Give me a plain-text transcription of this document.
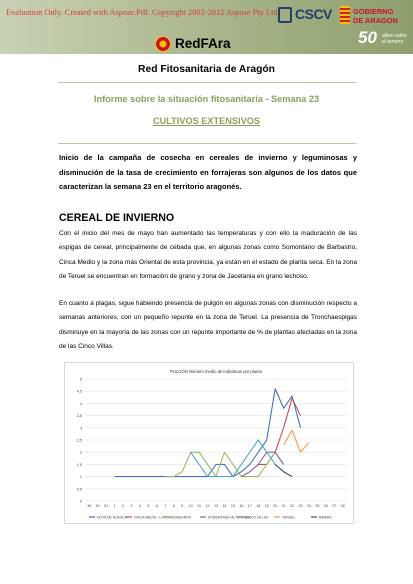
Evaluation Only. Created with Aspose.Pdf. Copyright 2002-2012 Aspose Pty Ltd. CSCV	GOBIERNO
DE ARAGON
50 años sobre el terreno
RedFAra
Red Fitosanitaria de Aragón
Informe sobre la situación fitosanitaria - Semana 23
CULTIVOS EXTENSIVOS
Inicio de la campaña de cosecha en cereales de invierno y leguminosas y disminución de la tasa de crecimiento en forrajeras son algunos de los datos que caracterizan la semana 23 en el territorio aragonés.
CEREAL DE INVIERNO
Con el inicio del mes de mayo han aumentado las temperaturas y con ello la maduración de las espigas de cereal, principalmente de cebada que, en algunas zonas como Somontano de Barbastro, Cinca Medio y la zona más Oriental de esta provincia, ya están en el estado de planta seca. En la zona de Teruel se encuentran en formación de grano y zona de Jacetania en grano lechoso.
En cuanto a plagas, sigue habiendo presencia de pulgón en algunas zonas con disminución respecto a semanas anteriores, con un pequeño repunte en la zona de Teruel. La presencia de Tronchaespigas disminuye en la mayoría de las zonas con un repunte importante de % de plantas afectadas en la zona de las Cinco Villas.
PULGÓN Número medio de individuos por planta
0
0,5
1
1,5
2
2,5
3
3,5
4
4,5
5
49 50 51 1 2 3 4 5 6 7 8 9 10 11 12 13 14 15 16 17 18 19 20 21 22 23 24 25 26 27 28
HOYA DE HUESCA CINCA MEDIO - LITERA MONEGROS	SOMONTANO-ALTO ARAG
CINCO VILLAS	TERUEL	RIBERA
